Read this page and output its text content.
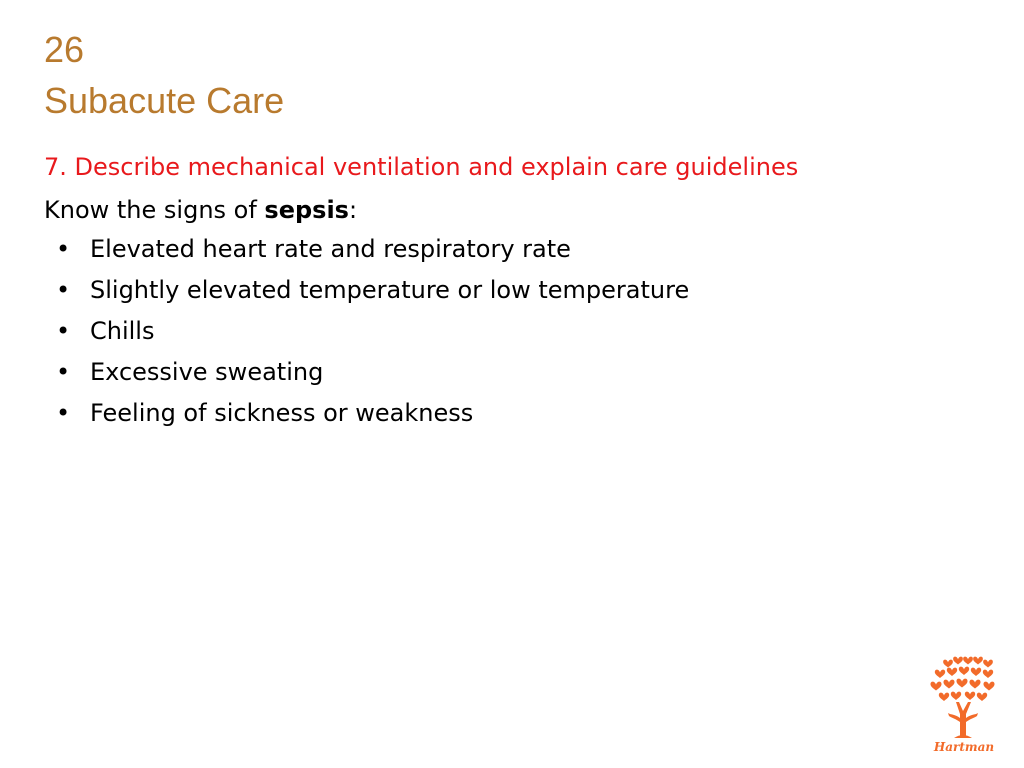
26
Subacute Care
7. Describe mechanical ventilation and explain care guidelines
Know the signs of sepsis:
• Elevated heart rate and respiratory rate
• Slightly elevated temperature or low temperature
• Chills
• Excessive sweating
• Feeling of sickness or weakness
Hartman
